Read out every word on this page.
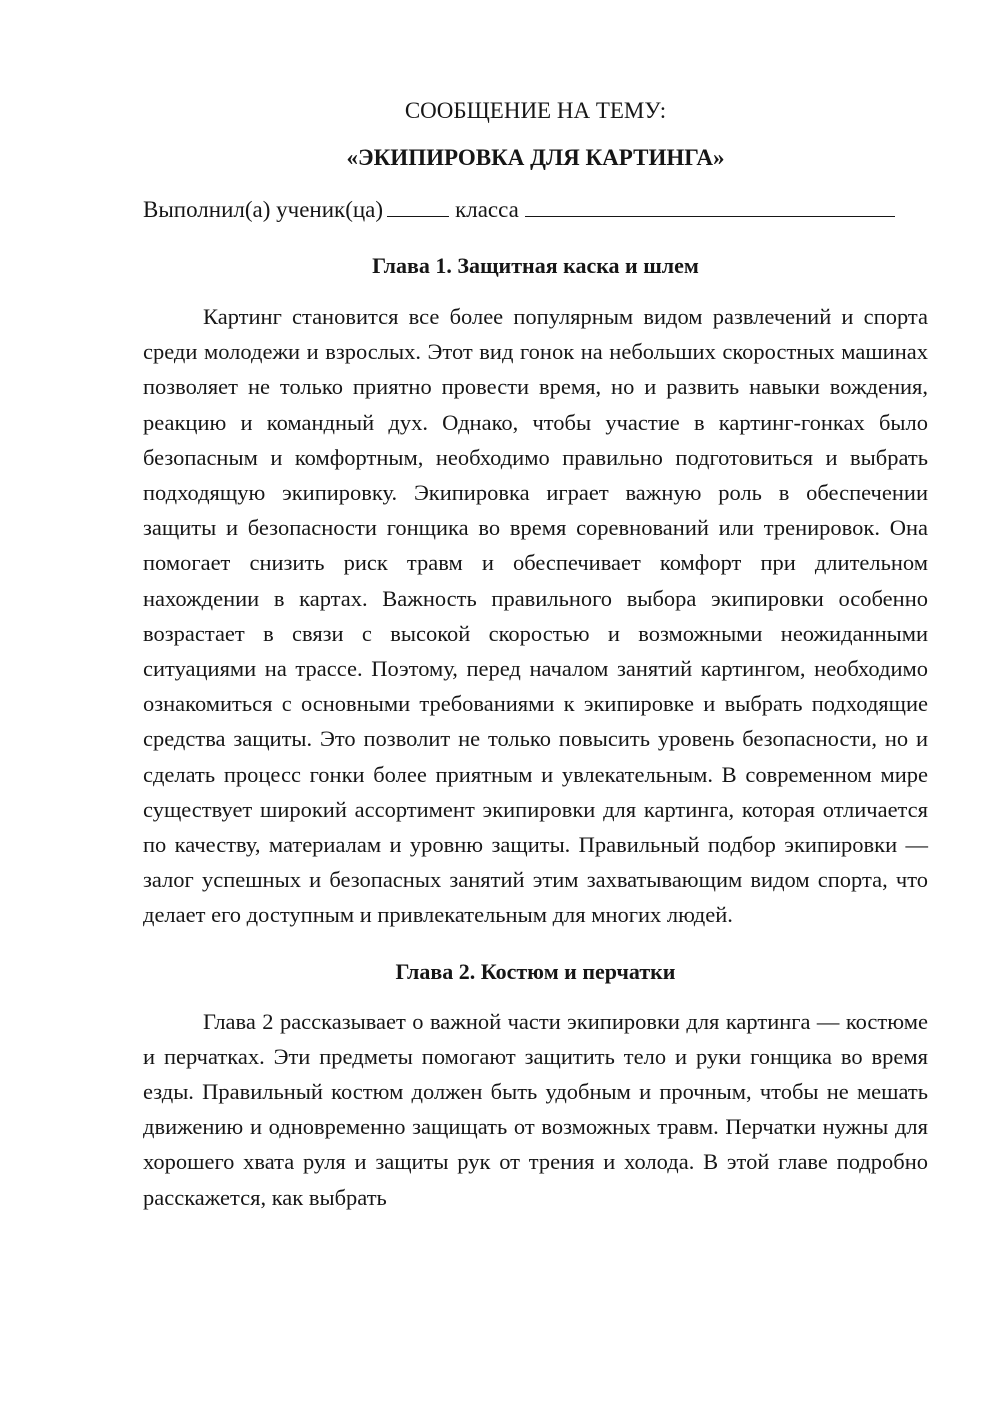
СООБЩЕНИЕ НА ТЕМУ:

«ЭКИПИРОВКА ДЛЯ КАРТИНГА»

Выполнил(а) ученик(ца)	класса

Глава 1. Защитная каска и шлем

Картинг становится все более популярным видом развлечений и спорта среди молодежи и взрослых. Этот вид гонок на небольших скоростных машинах позволяет не только приятно провести время, но и развить навыки вождения, реакцию и командный дух. Однако, чтобы участие в картинг-гонках было безопасным и комфортным, необходимо правильно подготовиться и выбрать подходящую экипировку. Экипировка играет важную роль в обеспечении защиты и безопасности гонщика во время соревнований или тренировок. Она помогает снизить риск травм и обеспечивает комфорт при длительном нахождении в картах. Важность правильного выбора экипировки особенно возрастает в связи с высокой скоростью и возможными неожиданными ситуациями на трассе. Поэтому, перед началом занятий картингом, необходимо ознакомиться с основными требованиями к экипировке и выбрать подходящие средства защиты. Это позволит не только повысить уровень безопасности, но и сделать процесс гонки более приятным и увлекательным. В современном мире существует широкий ассортимент экипировки для картинга, которая отличается по качеству, материалам и уровню защиты. Правильный подбор экипировки — залог успешных и безопасных занятий этим захватывающим видом спорта, что делает его доступным и привлекательным для многих людей.

Глава 2. Костюм и перчатки

Глава 2 рассказывает о важной части экипировки для картинга — костюме и перчатках. Эти предметы помогают защитить тело и руки гонщика во время езды. Правильный костюм должен быть удобным и прочным, чтобы не мешать движению и одновременно защищать от возможных травм. Перчатки нужны для хорошего хвата руля и защиты рук от трения и холода. В этой главе подробно расскажется, как выбрать
